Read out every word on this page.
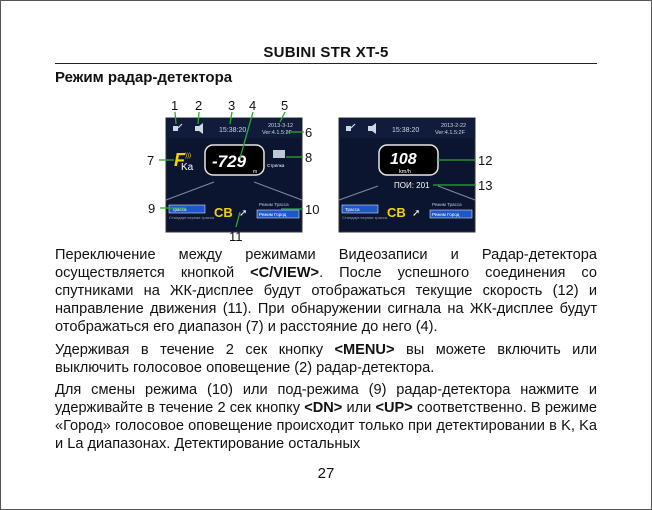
SUBINI STR XT-5
Режим радар-детектора
15:38:20
2013-3-12
Ver:4.1.5:2F
F
Ka
))) -729
m
Стрелка
Трасса
Стандарт.черная трасса СВ ➚
Режим Трасса
Режим Город
15:38:20
2013-2-22
Ver:4.1.5:2F
108
km/h
ПОИ: 201
Трасса
Стандарт.черная трасса СВ ➚
Режим Трасса
Режим Город
1 2 3 4 5
6
7	8
9	10
11
12
13
Переключение между режимами Видеозаписи и Радар-детектора осуществляется кнопкой <C/VIEW>. После успешного соединения со спутниками на ЖК-дисплее будут отображаться текущие скорость (12) и направление движения (11). При обнаружении сигнала на ЖК-дисплее будут отображаться его диапазон (7) и расстояние до него (4).
Удерживая в течение 2 сек кнопку <MENU> вы можете включить или выключить голосовое оповещение (2) радар-детектора.
Для смены режима (10) или под-режима (9) радар-детектора нажмите и удерживайте в течение 2 сек кнопку <DN> или <UP> соответственно. В режиме «Город» голосовое оповещение происходит только при детектировании в K, Ka и La диапазонах. Детектирование остальных
27
